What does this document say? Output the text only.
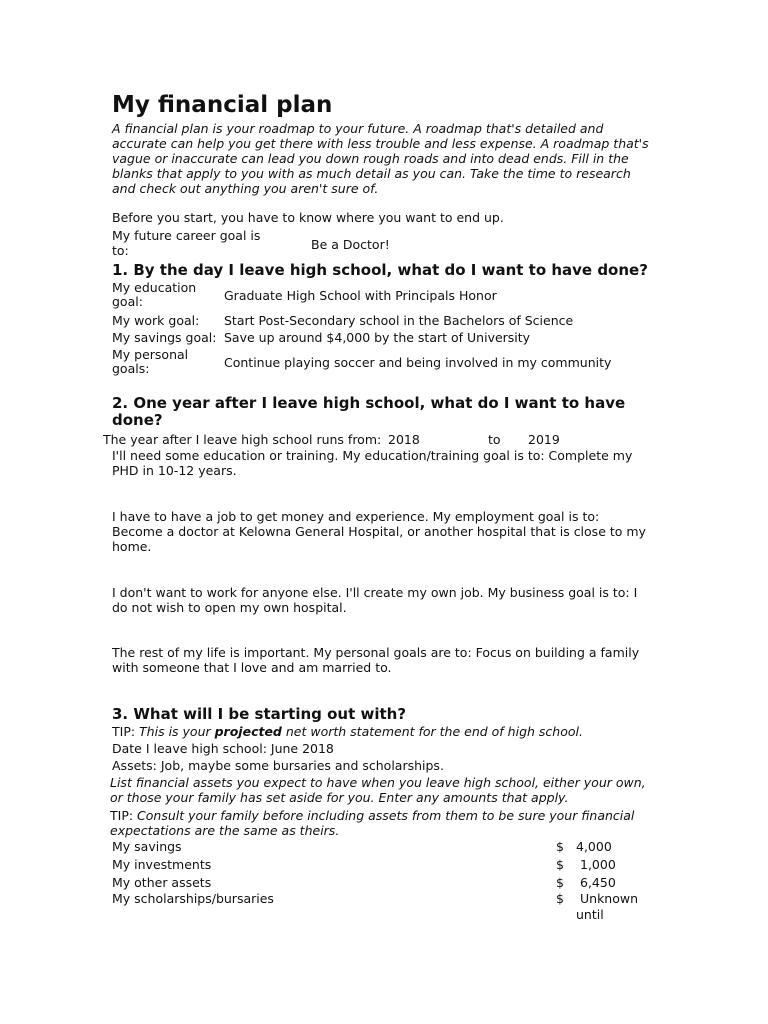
My financial plan
A financial plan is your roadmap to your future. A roadmap that's detailed and accurate can help you get there with less trouble and less expense. A roadmap that's vague or inaccurate can lead you down rough roads and into dead ends. Fill in the blanks that apply to you with as much detail as you can. Take the time to research and check out anything you aren't sure of.
Before you start, you have to know where you want to end up.
My future career goal is
to:	Be a Doctor!
1. By the day I leave high school, what do I want to have done?
My education
goal:	Graduate High School with Principals Honor
My work goal: Start Post-Secondary school in the Bachelors of Science
My savings goal: Save up around $4,000 by the start of University
My personal
goals:	Continue playing soccer and being involved in my community
2. One year after I leave high school, what do I want to have
done?
The year after I leave high school runs from: 2018	to 2019
I'll need some education or training. My education/training goal is to: Complete my PHD in 10-12 years.
I have to have a job to get money and experience. My employment goal is to: Become a doctor at Kelowna General Hospital, or another hospital that is close to my home.
I don't want to work for anyone else. I'll create my own job. My business goal is to: I do not wish to open my own hospital.
The rest of my life is important. My personal goals are to: Focus on building a family with someone that I love and am married to.
3. What will I be starting out with?
TIP: This is your projected net worth statement for the end of high school.
Date I leave high school: June 2018
Assets: Job, maybe some bursaries and scholarships.
List financial assets you expect to have when you leave high school, either your own, or those your family has set aside for you. Enter any amounts that apply.
TIP: Consult your family before including assets from them to be sure your financial expectations are the same as theirs.
My savings	$ 4,000
My investments	$ 1,000
My other assets	$ 6,450
My scholarships/bursaries	$ Unknown
until
